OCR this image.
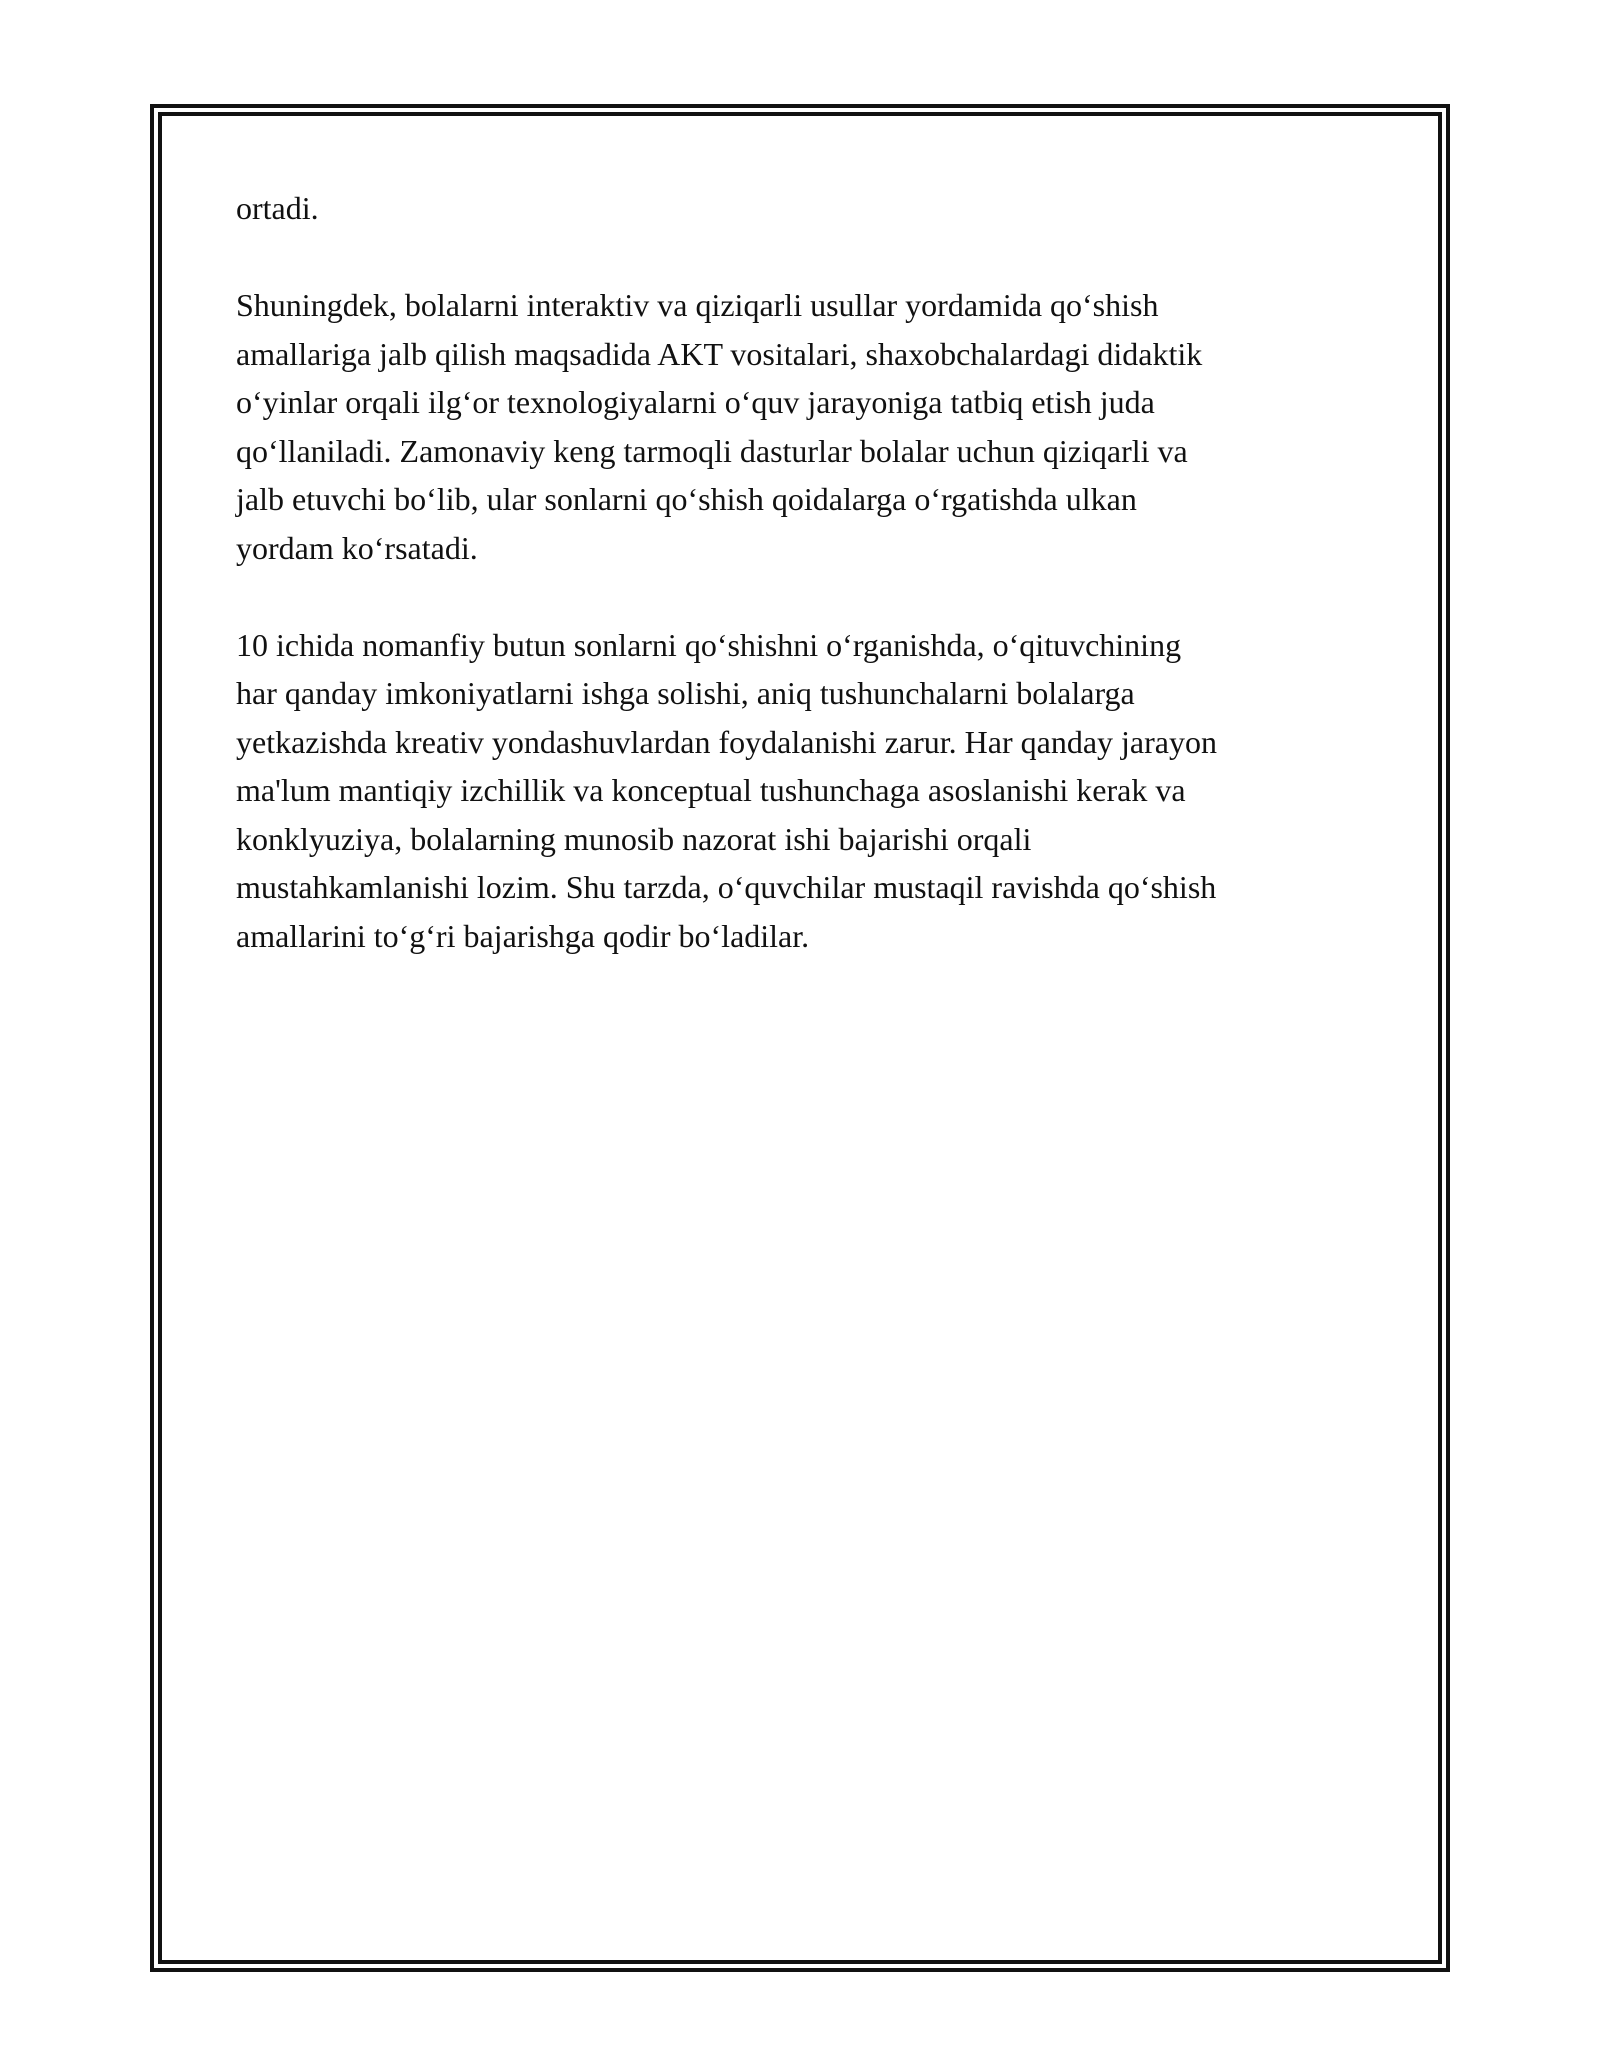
ortadi.

Shuningdek, bolalarni interaktiv va qiziqarli usullar yordamida qo‘shish
amallariga jalb qilish maqsadida AKT vositalari, shaxobchalardagi didaktik
o‘yinlar orqali ilg‘or texnologiyalarni o‘quv jarayoniga tatbiq etish juda
qo‘llaniladi. Zamonaviy keng tarmoqli dasturlar bolalar uchun qiziqarli va
jalb etuvchi bo‘lib, ular sonlarni qo‘shish qoidalarga o‘rgatishda ulkan
yordam ko‘rsatadi.

10 ichida nomanfiy butun sonlarni qo‘shishni o‘rganishda, o‘qituvchining
har qanday imkoniyatlarni ishga solishi, aniq tushunchalarni bolalarga
yetkazishda kreativ yondashuvlardan foydalanishi zarur. Har qanday jarayon
ma'lum mantiqiy izchillik va konceptual tushunchaga asoslanishi kerak va
konklyuziya, bolalarning munosib nazorat ishi bajarishi orqali
mustahkamlanishi lozim. Shu tarzda, o‘quvchilar mustaqil ravishda qo‘shish
amallarini to‘g‘ri bajarishga qodir bo‘ladilar.
